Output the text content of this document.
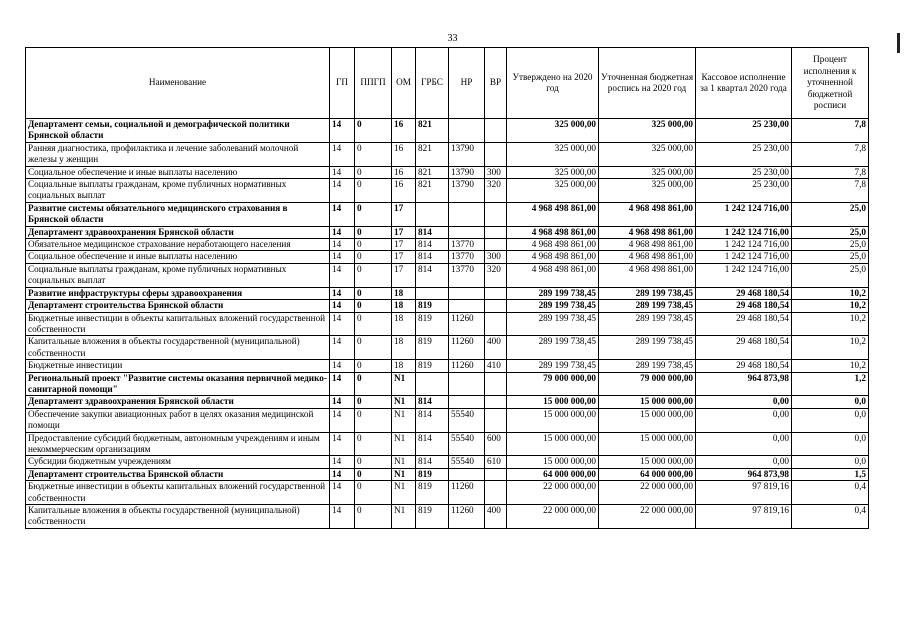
33
Наименование	ГП	ППГП	ОМ	ГРБС	НР	ВР	Утверждено на 2020 год	Уточненная бюджетная роспись на 2020 год	Кассовое исполнение за 1 квартал 2020 года	Процент исполнения к уточненной бюджетной росписи
Департамент семьи, социальной и демографической политики Брянской области	14	0	16	821			325 000,00	325 000,00	25 230,00	7,8
Ранняя диагностика, профилактика и лечение заболеваний молочной железы у женщин	14	0	16	821	13790		325 000,00	325 000,00	25 230,00	7,8
Социальное обеспечение и иные выплаты населению	14	0	16	821	13790	300	325 000,00	325 000,00	25 230,00	7,8
Социальные выплаты гражданам, кроме публичных нормативных социальных выплат	14	0	16	821	13790	320	325 000,00	325 000,00	25 230,00	7,8
Развитие системы обязательного медицинского страхования в Брянской области	14	0	17				4 968 498 861,00	4 968 498 861,00	1 242 124 716,00	25,0
Департамент здравоохранения Брянской области	14	0	17	814			4 968 498 861,00	4 968 498 861,00	1 242 124 716,00	25,0
Обязательное медицинское страхование неработающего населения	14	0	17	814	13770		4 968 498 861,00	4 968 498 861,00	1 242 124 716,00	25,0
Социальное обеспечение и иные выплаты населению	14	0	17	814	13770	300	4 968 498 861,00	4 968 498 861,00	1 242 124 716,00	25,0
Социальные выплаты гражданам, кроме публичных нормативных социальных выплат	14	0	17	814	13770	320	4 968 498 861,00	4 968 498 861,00	1 242 124 716,00	25,0
Развитие инфраструктуры сферы здравоохранения	14	0	18				289 199 738,45	289 199 738,45	29 468 180,54	10,2
Департамент строительства Брянской области	14	0	18	819			289 199 738,45	289 199 738,45	29 468 180,54	10,2
Бюджетные инвестиции в объекты капитальных вложений государственной собственности	14	0	18	819	11260		289 199 738,45	289 199 738,45	29 468 180,54	10,2
Капитальные вложения в объекты государственной (муниципальной) собственности	14	0	18	819	11260	400	289 199 738,45	289 199 738,45	29 468 180,54	10,2
Бюджетные инвестиции	14	0	18	819	11260	410	289 199 738,45	289 199 738,45	29 468 180,54	10,2
Региональный проект "Развитие системы оказания первичной медико-санитарной помощи"	14	0	N1				79 000 000,00	79 000 000,00	964 873,98	1,2
Департамент здравоохранения Брянской области	14	0	N1	814			15 000 000,00	15 000 000,00	0,00	0,0
Обеспечение закупки авиационных работ в целях оказания медицинской помощи	14	0	N1	814	55540		15 000 000,00	15 000 000,00	0,00	0,0
Предоставление субсидий бюджетным, автономным учреждениям и иным некоммерческим организациям	14	0	N1	814	55540	600	15 000 000,00	15 000 000,00	0,00	0,0
Субсидии бюджетным учреждениям	14	0	N1	814	55540	610	15 000 000,00	15 000 000,00	0,00	0,0
Департамент строительства Брянской области	14	0	N1	819			64 000 000,00	64 000 000,00	964 873,98	1,5
Бюджетные инвестиции в объекты капитальных вложений государственной собственности	14	0	N1	819	11260		22 000 000,00	22 000 000,00	97 819,16	0,4
Капитальные вложения в объекты государственной (муниципальной) собственности	14	0	N1	819	11260	400	22 000 000,00	22 000 000,00	97 819,16	0,4
